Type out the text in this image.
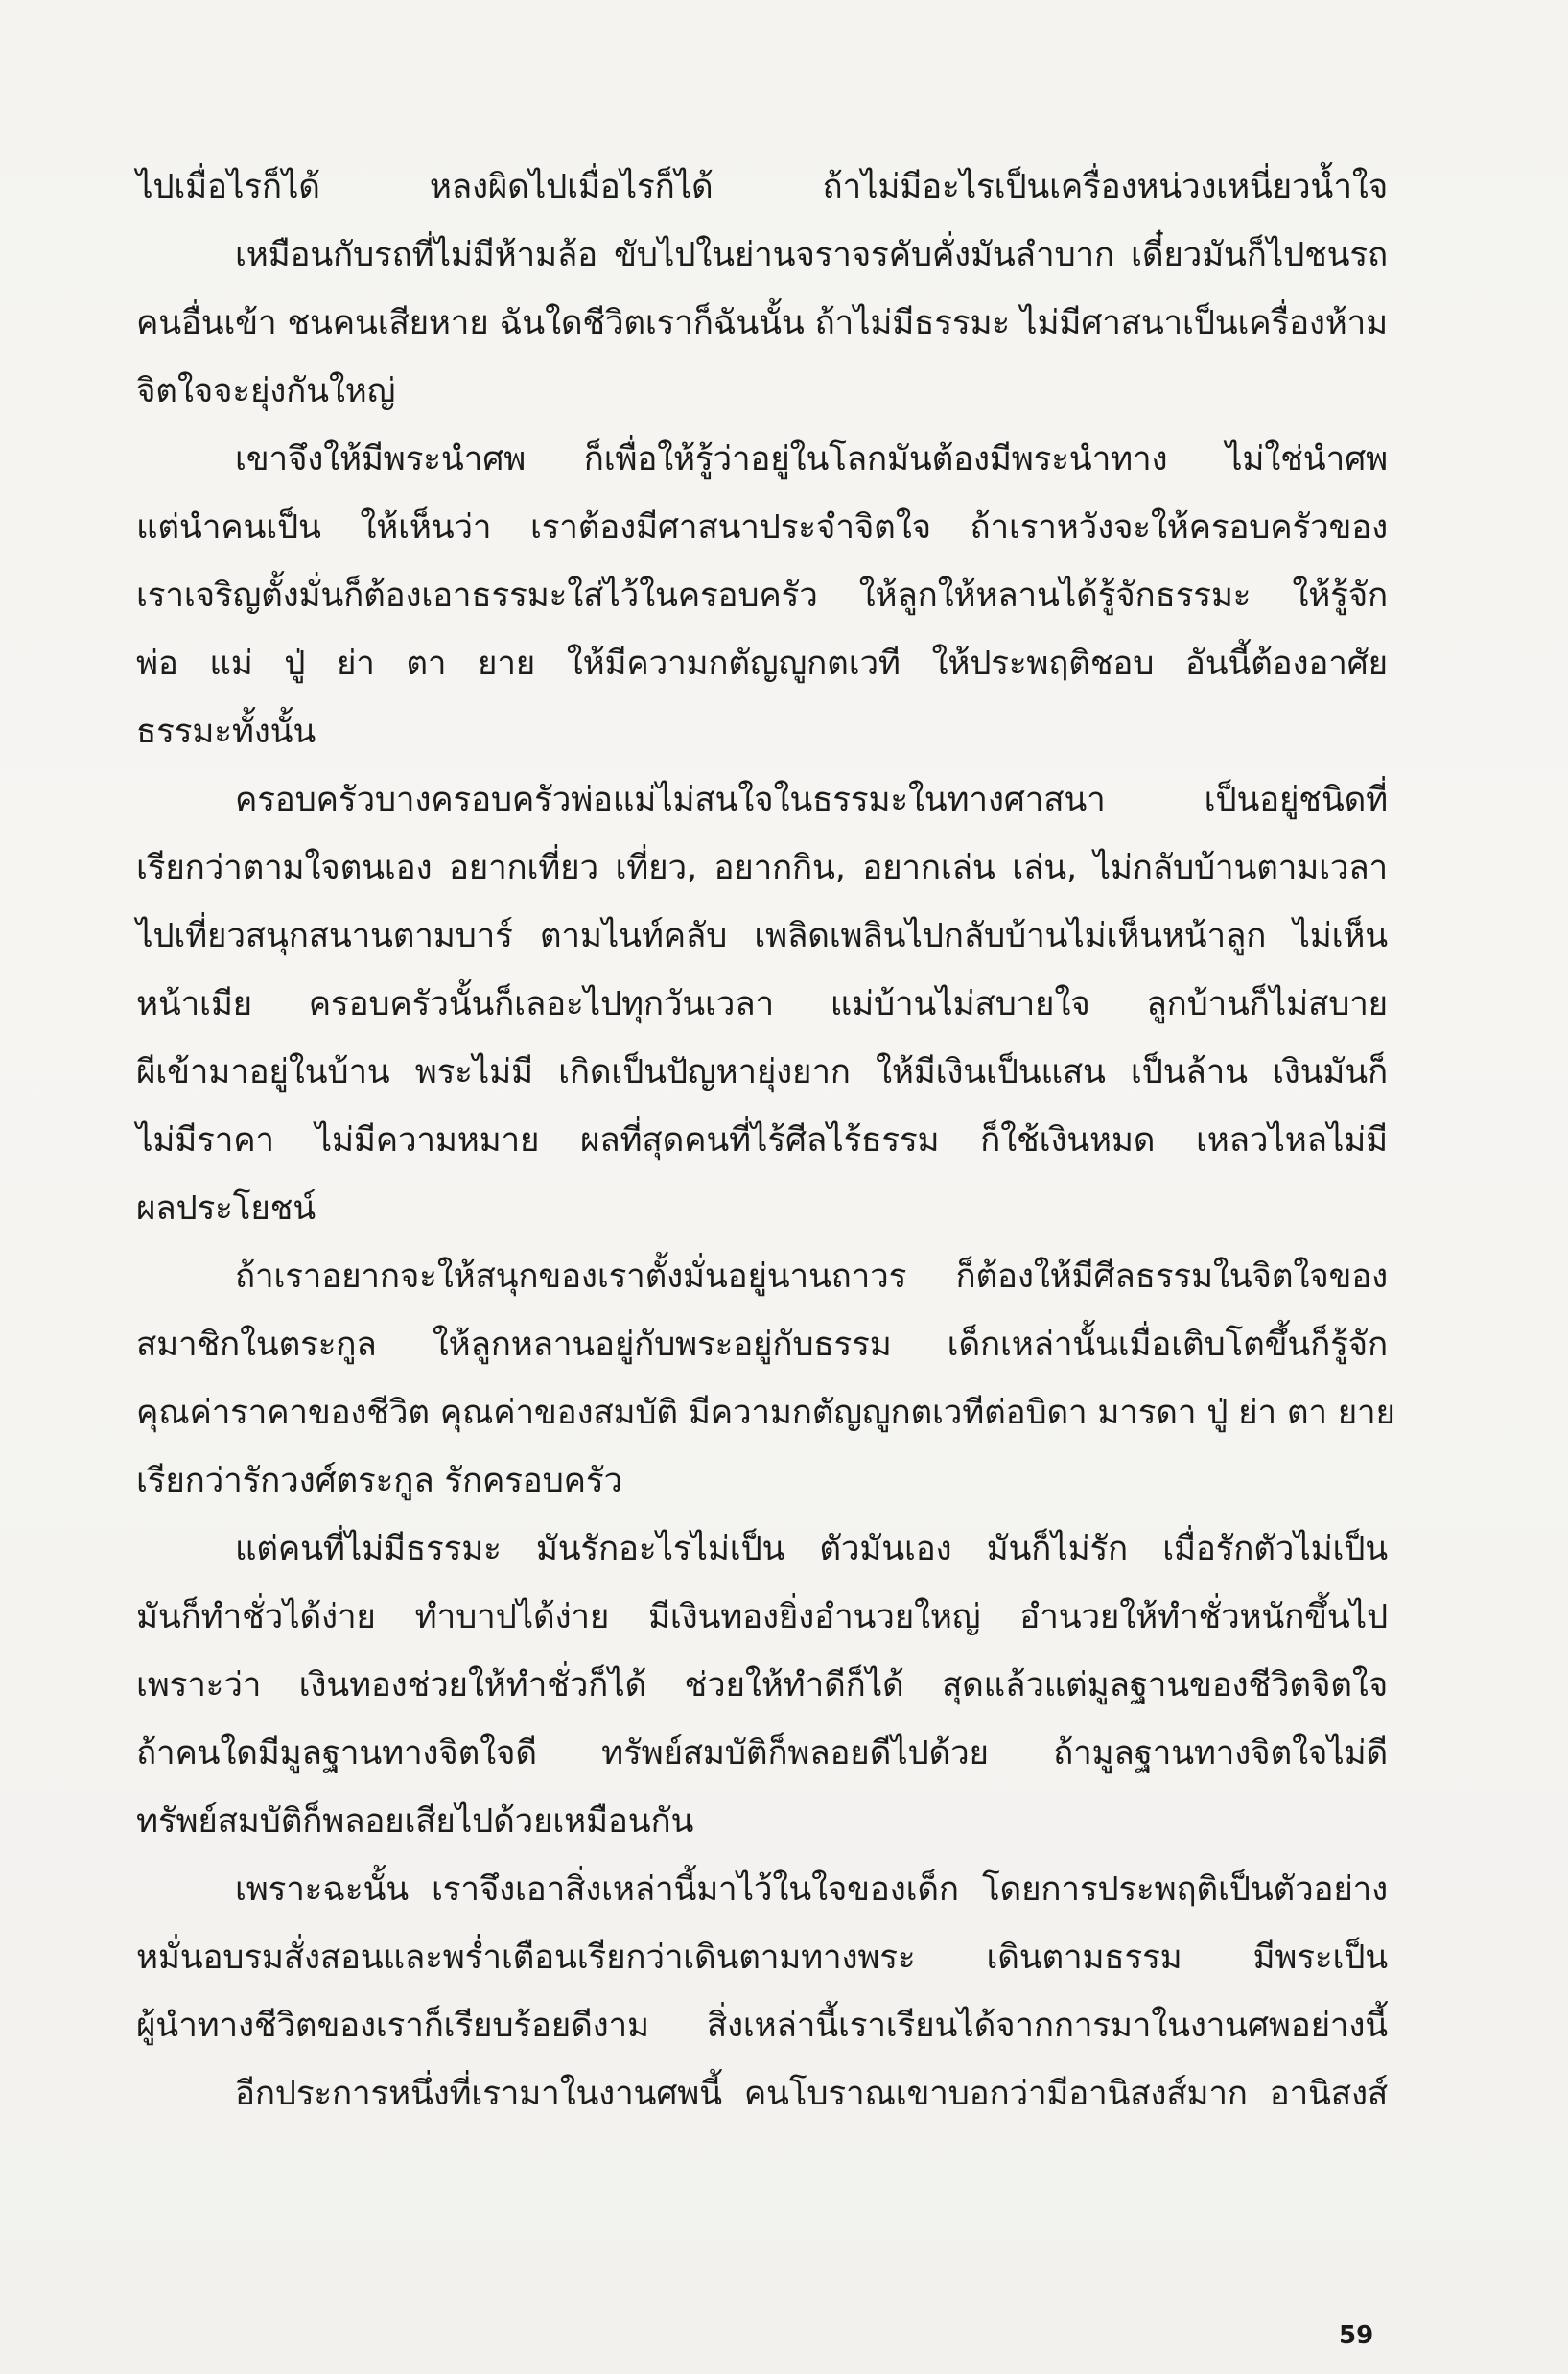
ไปเมื่อไรก็ได้ หลงผิดไปเมื่อไรก็ได้ ถ้าไม่มีอะไรเป็นเครื่องหน่วงเหนี่ยวน้ำใจ
เหมือนกับรถที่ไม่มีห้ามล้อ ขับไปในย่านจราจรคับคั่งมันลำบาก เดี๋ยวมันก็ไปชนรถ
คนอื่นเข้า ชนคนเสียหาย ฉันใดชีวิตเราก็ฉันนั้น ถ้าไม่มีธรรมะ ไม่มีศาสนาเป็นเครื่องห้าม
จิตใจจะยุ่งกันใหญ่
เขาจึงให้มีพระนำศพ ก็เพื่อให้รู้ว่าอยู่ในโลกมันต้องมีพระนำทาง ไม่ใช่นำศพ
แต่นำคนเป็น ให้เห็นว่า เราต้องมีศาสนาประจำจิตใจ ถ้าเราหวังจะให้ครอบครัวของ
เราเจริญตั้งมั่นก็ต้องเอาธรรมะใส่ไว้ในครอบครัว ให้ลูกให้หลานได้รู้จักธรรมะ ให้รู้จัก
พ่อ แม่ ปู่ ย่า ตา ยาย ให้มีความกตัญญูกตเวที ให้ประพฤติชอบ อันนี้ต้องอาศัย
ธรรมะทั้งนั้น
ครอบครัวบางครอบครัวพ่อแม่ไม่สนใจในธรรมะในทางศาสนา เป็นอยู่ชนิดที่
เรียกว่าตามใจตนเอง อยากเที่ยว เที่ยว, อยากกิน, อยากเล่น เล่น, ไม่กลับบ้านตามเวลา
ไปเที่ยวสนุกสนานตามบาร์ ตามไนท์คลับ เพลิดเพลินไปกลับบ้านไม่เห็นหน้าลูก ไม่เห็น
หน้าเมีย ครอบครัวนั้นก็เลอะไปทุกวันเวลา แม่บ้านไม่สบายใจ ลูกบ้านก็ไม่สบาย
ผีเข้ามาอยู่ในบ้าน พระไม่มี เกิดเป็นปัญหายุ่งยาก ให้มีเงินเป็นแสน เป็นล้าน เงินมันก็
ไม่มีราคา ไม่มีความหมาย ผลที่สุดคนที่ไร้ศีลไร้ธรรม ก็ใช้เงินหมด เหลวไหลไม่มี
ผลประโยชน์
ถ้าเราอยากจะให้สนุกของเราตั้งมั่นอยู่นานถาวร ก็ต้องให้มีศีลธรรมในจิตใจของ
สมาชิกในตระกูล ให้ลูกหลานอยู่กับพระอยู่กับธรรม เด็กเหล่านั้นเมื่อเติบโตขึ้นก็รู้จัก
คุณค่าราคาของชีวิต คุณค่าของสมบัติ มีความกตัญญูกตเวทีต่อบิดา มารดา ปู่ ย่า ตา ยาย
เรียกว่ารักวงศ์ตระกูล รักครอบครัว
แต่คนที่ไม่มีธรรมะ มันรักอะไรไม่เป็น ตัวมันเอง มันก็ไม่รัก เมื่อรักตัวไม่เป็น
มันก็ทำชั่วได้ง่าย ทำบาปได้ง่าย มีเงินทองยิ่งอำนวยใหญ่ อำนวยให้ทำชั่วหนักขึ้นไป
เพราะว่า เงินทองช่วยให้ทำชั่วก็ได้ ช่วยให้ทำดีก็ได้ สุดแล้วแต่มูลฐานของชีวิตจิตใจ
ถ้าคนใดมีมูลฐานทางจิตใจดี ทรัพย์สมบัติก็พลอยดีไปด้วย ถ้ามูลฐานทางจิตใจไม่ดี
ทรัพย์สมบัติก็พลอยเสียไปด้วยเหมือนกัน
เพราะฉะนั้น เราจึงเอาสิ่งเหล่านี้มาไว้ในใจของเด็ก โดยการประพฤติเป็นตัวอย่าง
หมั่นอบรมสั่งสอนและพร่ำเตือนเรียกว่าเดินตามทางพระ เดินตามธรรม มีพระเป็น
ผู้นำทางชีวิตของเราก็เรียบร้อยดีงาม สิ่งเหล่านี้เราเรียนได้จากการมาในงานศพอย่างนี้
อีกประการหนึ่งที่เรามาในงานศพนี้ คนโบราณเขาบอกว่ามีอานิสงส์มาก อานิสงส์
59
